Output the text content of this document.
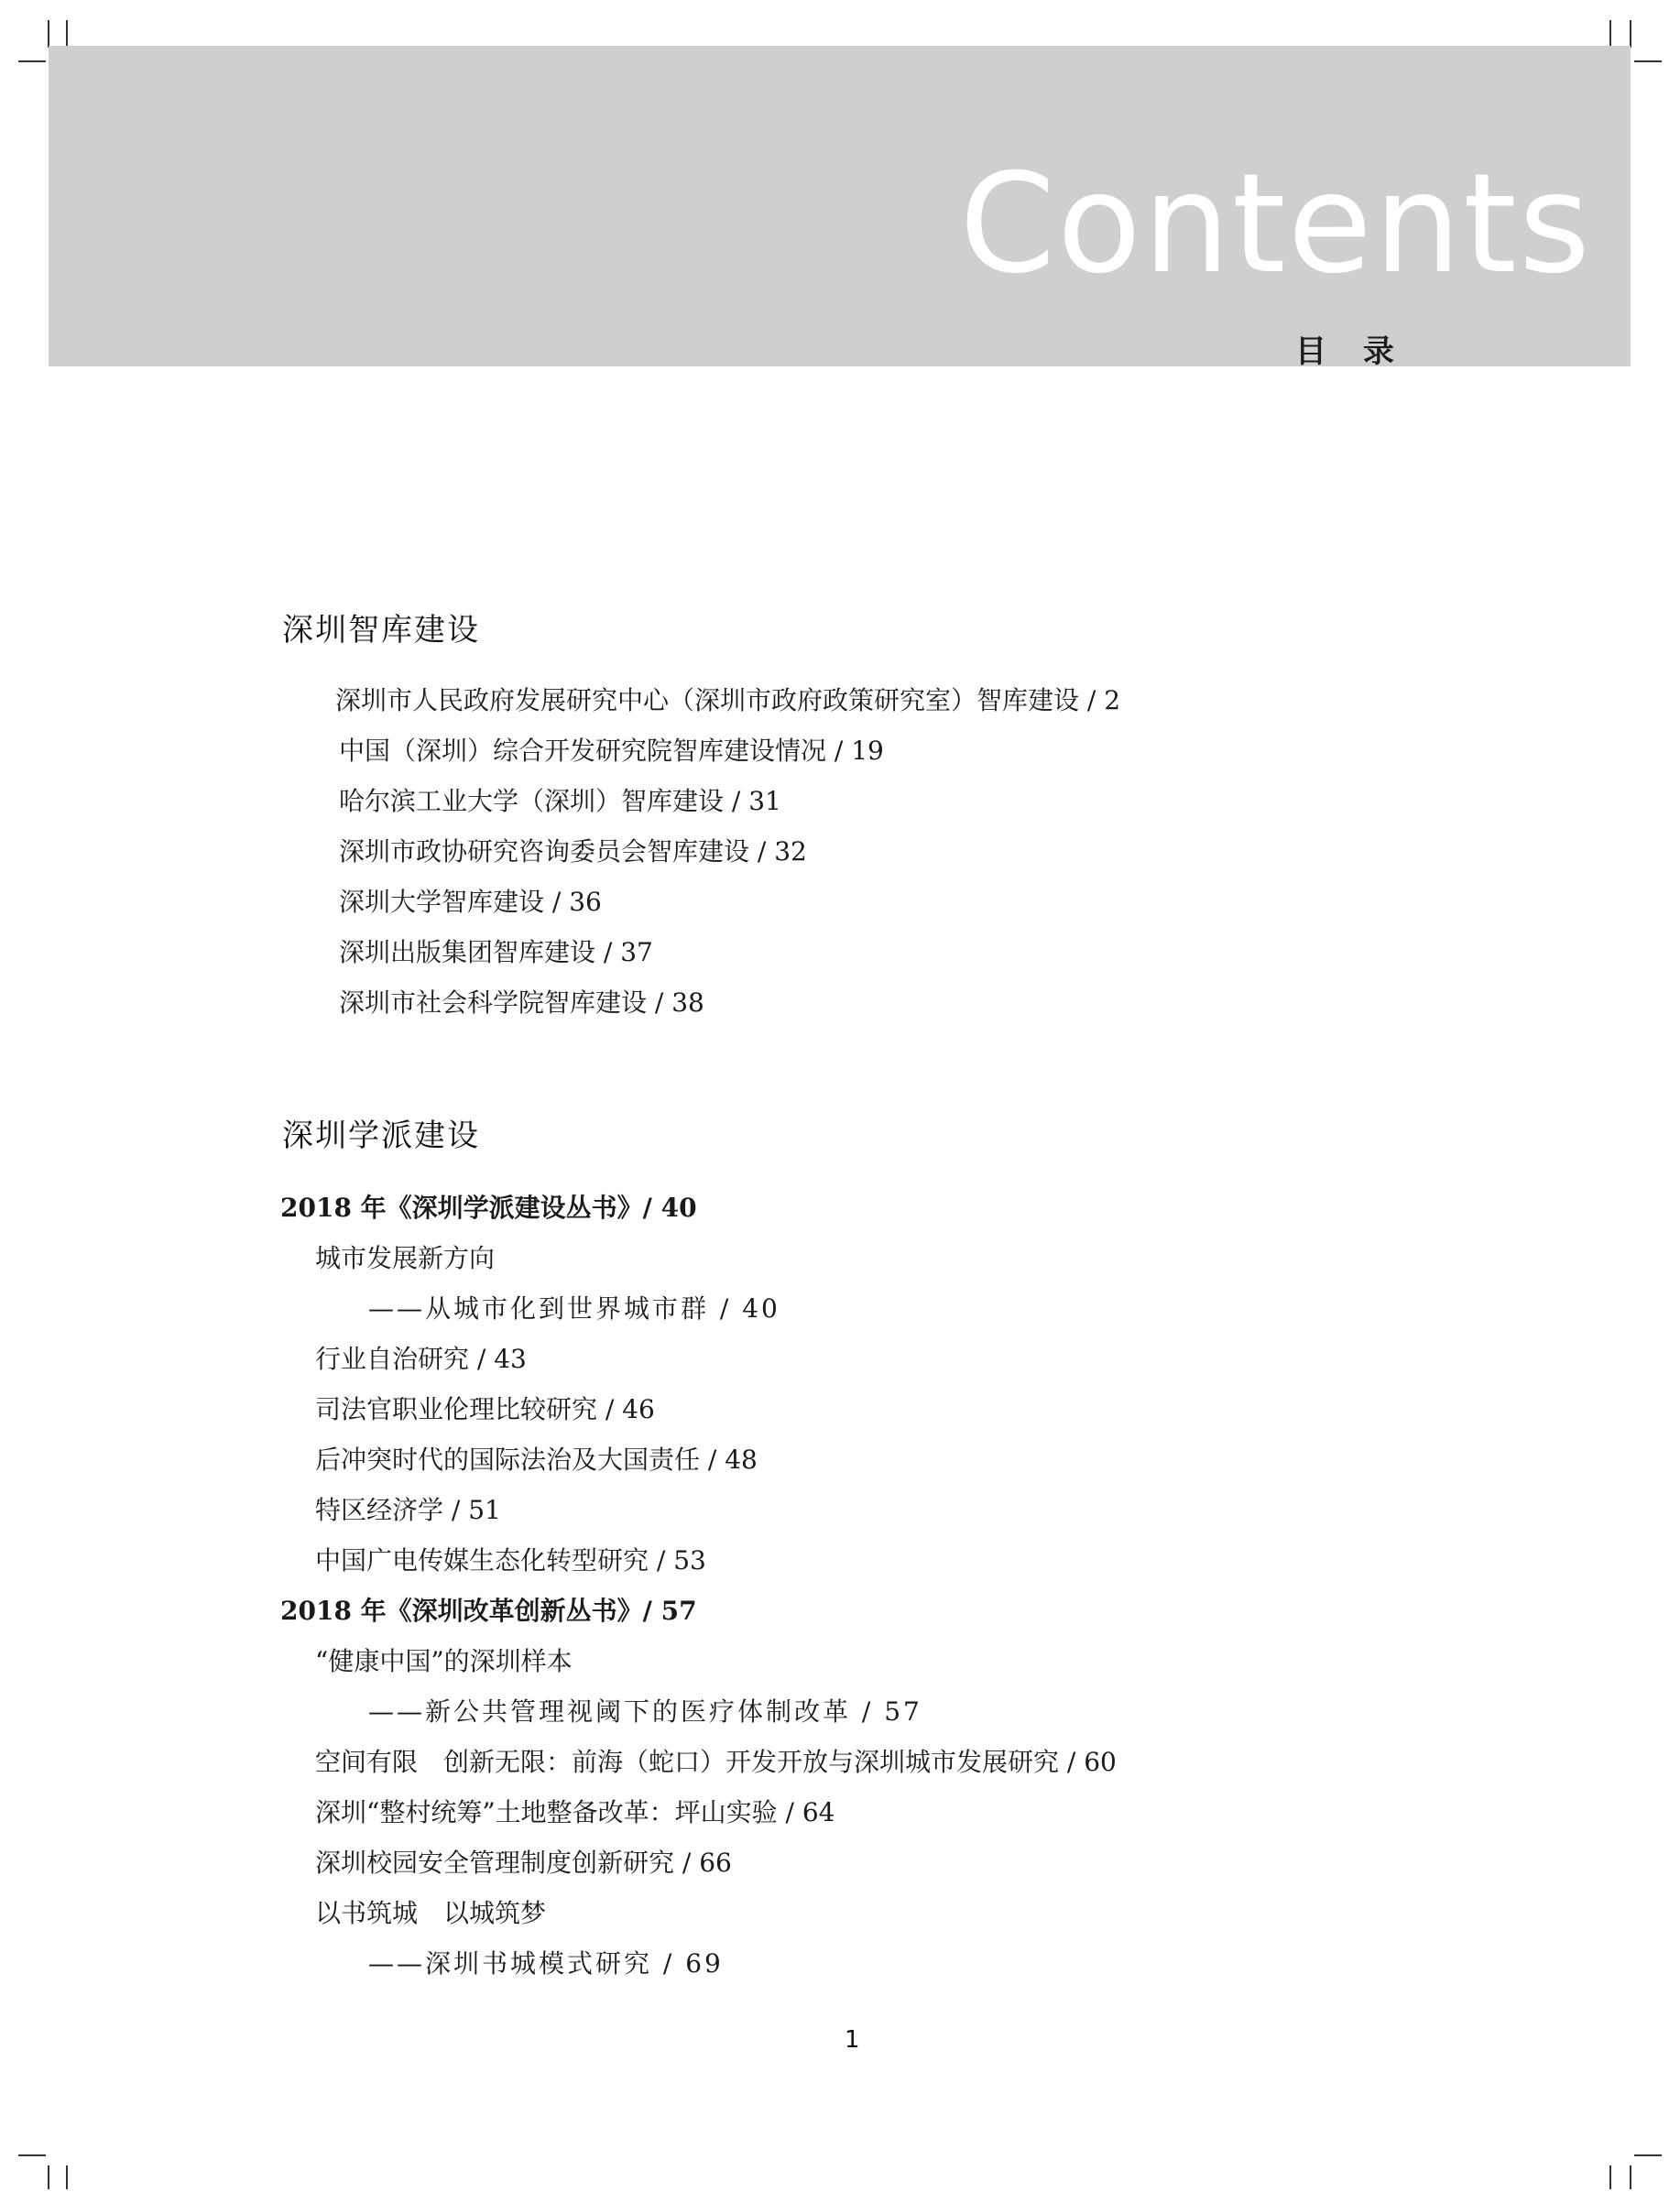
Contents
目 录
深圳智库建设
深圳市人民政府发展研究中心（深圳市政府政策研究室）智库建设 / 2
中国（深圳）综合开发研究院智库建设情况 / 19
哈尔滨工业大学（深圳）智库建设 / 31
深圳市政协研究咨询委员会智库建设 / 32
深圳大学智库建设 / 36
深圳出版集团智库建设 / 37
深圳市社会科学院智库建设 / 38
深圳学派建设
2018 年《深圳学派建设丛书》/ 40
城市发展新方向
——从城市化到世界城市群 / 40
行业自治研究 / 43
司法官职业伦理比较研究 / 46
后冲突时代的国际法治及大国责任 / 48
特区经济学 / 51
中国广电传媒生态化转型研究 / 53
2018 年《深圳改革创新丛书》/ 57
“健康中国”的深圳样本
——新公共管理视阈下的医疗体制改革 / 57
空间有限　创新无限：前海（蛇口）开发开放与深圳城市发展研究 / 60
深圳“整村统筹”土地整备改革：坪山实验 / 64
深圳校园安全管理制度创新研究 / 66
以书筑城　以城筑梦
——深圳书城模式研究 / 69
1
